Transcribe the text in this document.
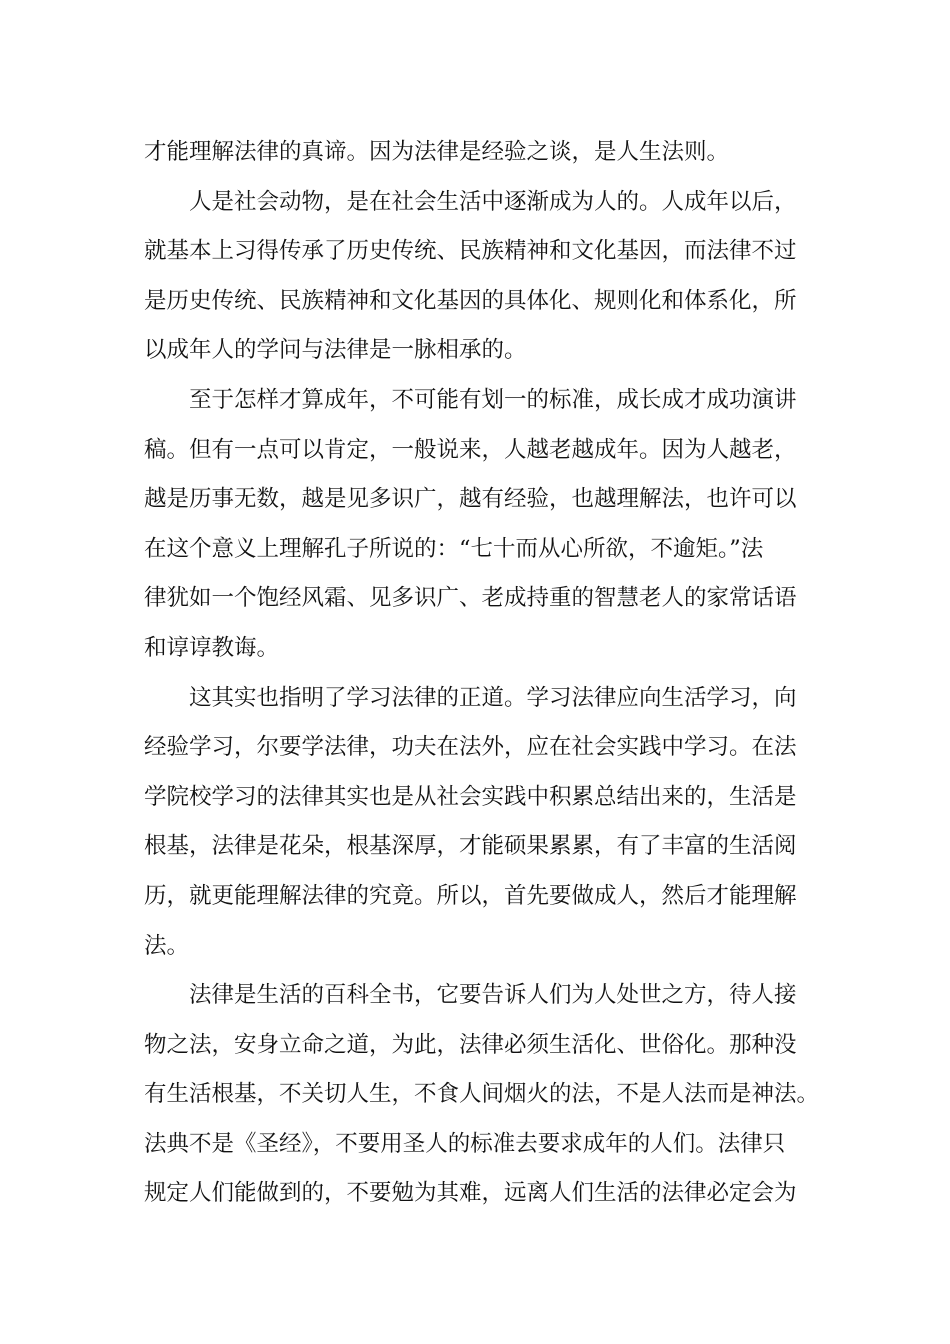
才能理解法律的真谛。因为法律是经验之谈，是人生法则。
人是社会动物，是在社会生活中逐渐成为人的。人成年以后，
就基本上习得传承了历史传统、民族精神和文化基因，而法律不过
是历史传统、民族精神和文化基因的具体化、规则化和体系化，所
以成年人的学问与法律是一脉相承的。
至于怎样才算成年，不可能有划一的标准，成长成才成功演讲
稿。但有一点可以肯定，一般说来，人越老越成年。因为人越老，
越是历事无数，越是见多识广，越有经验，也越理解法，也许可以
在这个意义上理解孔子所说的：“七十而从心所欲，不逾矩。”法
律犹如一个饱经风霜、见多识广、老成持重的智慧老人的家常话语
和谆谆教诲。
这其实也指明了学习法律的正道。学习法律应向生活学习，向
经验学习，尔要学法律，功夫在法外，应在社会实践中学习。在法
学院校学习的法律其实也是从社会实践中积累总结出来的，生活是
根基，法律是花朵，根基深厚，才能硕果累累，有了丰富的生活阅
历，就更能理解法律的究竟。所以，首先要做成人，然后才能理解
法。
法律是生活的百科全书，它要告诉人们为人处世之方，待人接
物之法，安身立命之道，为此，法律必须生活化、世俗化。那种没
有生活根基，不关切人生，不食人间烟火的法，不是人法而是神法。
法典不是《圣经》，不要用圣人的标准去要求成年的人们。法律只
规定人们能做到的，不要勉为其难，远离人们生活的法律必定会为
